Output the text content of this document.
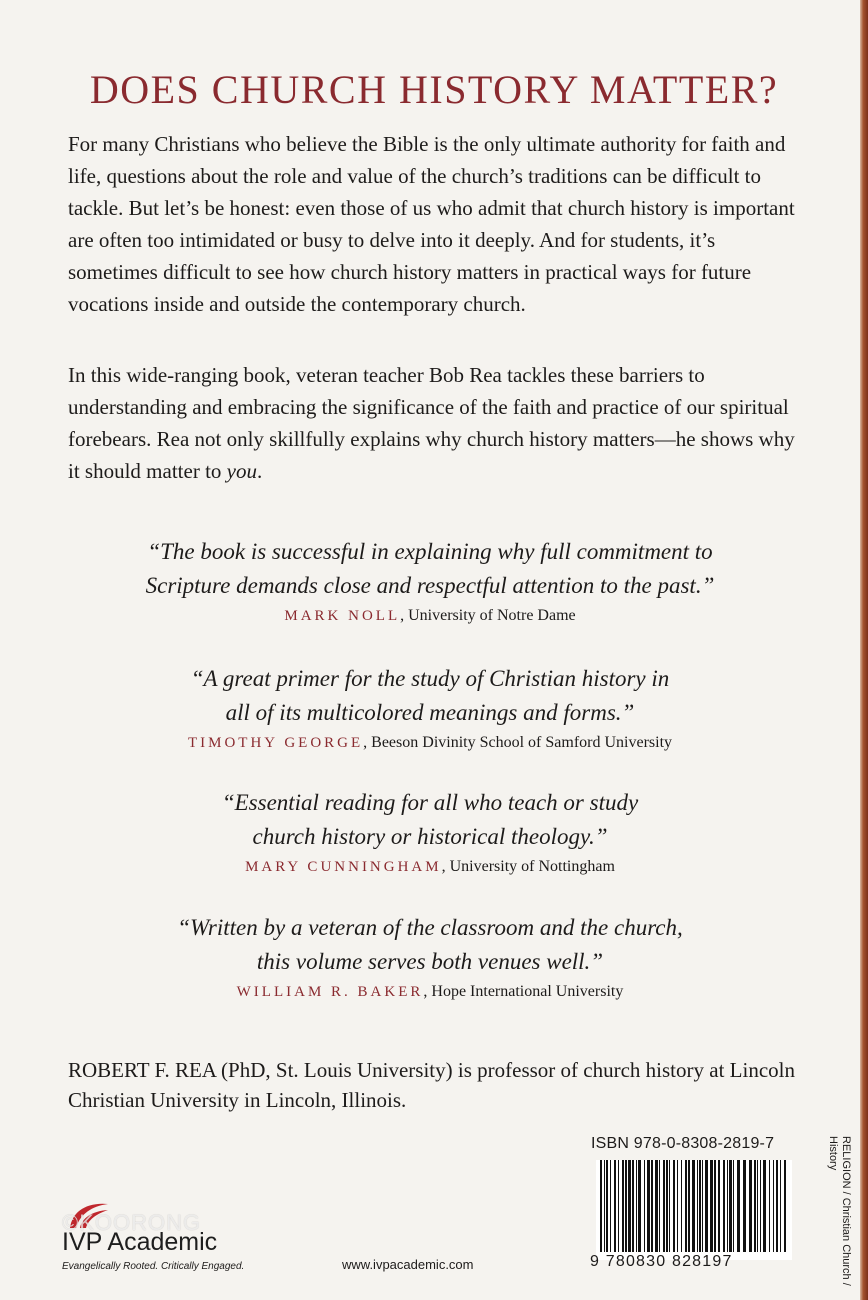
DOES CHURCH HISTORY MATTER?

For many Christians who believe the Bible is the only ultimate authority for faith and life, questions about the role and value of the church’s traditions can be difficult to tackle. But let’s be honest: even those of us who admit that church history is important are often too intimidated or busy to delve into it deeply. And for students, it’s sometimes difficult to see how church history matters in practical ways for future vocations inside and outside the contemporary church.

In this wide-ranging book, veteran teacher Bob Rea tackles these barriers to understanding and embracing the significance of the faith and practice of our spiritual forebears. Rea not only skillfully explains why church history matters—he shows why it should matter to you.

“The book is successful in explaining why full commitment to
Scripture demands close and respectful attention to the past.”
MARK NOLL, University of Notre Dame
“A great primer for the study of Christian history in
all of its multicolored meanings and forms.”
TIMOTHY GEORGE, Beeson Divinity School of Samford University
“Essential reading for all who teach or study
church history or historical theology.”
MARY CUNNINGHAM, University of Nottingham
“Written by a veteran of the classroom and the church,
this volume serves both venues well.”
WILLIAM R. BAKER, Hope International University

ROBERT F. REA (PhD, St. Louis University) is professor of church history at Lincoln Christian University in Lincoln, Illinois.

ISBN 978-0-8308-2819-7
9 780830 828197	RELIGION / Christian Church / History
IVP Academic
Evangelically Rooted. Critically Engaged.
©KOORONG
www.ivpacademic.com
